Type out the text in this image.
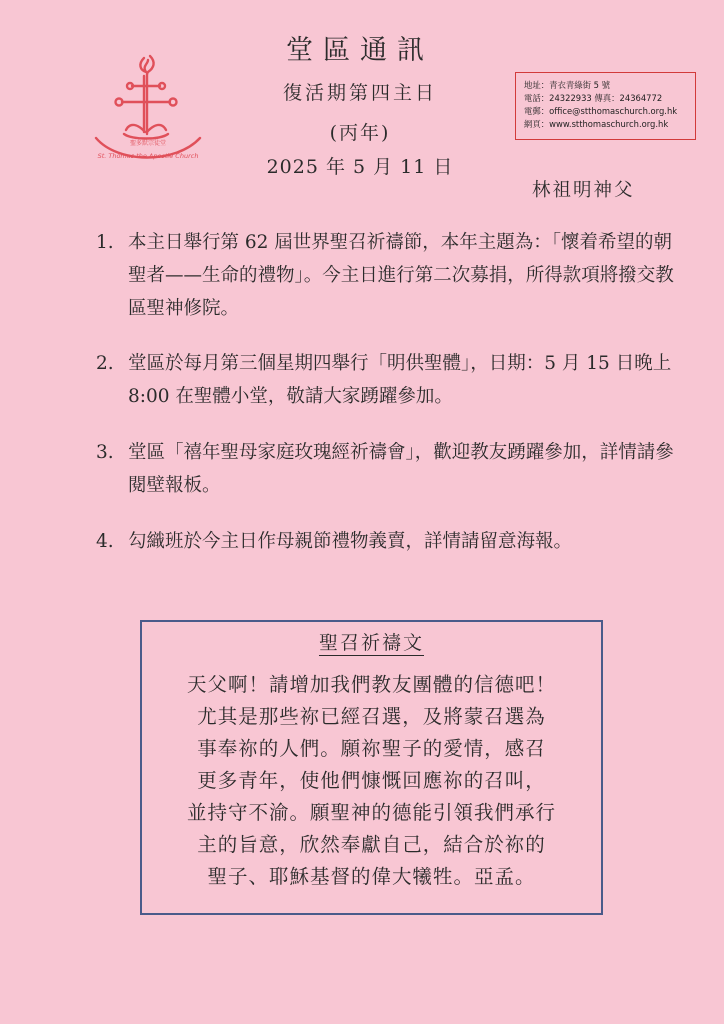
聖多默宗徒堂
St. Thomas the Apostle Church
堂區通訊
復活期第四主日
(丙年)
2025 年 5 月 11 日
地址：青衣青綠街 5 號
電話：24322933 傳真：24364772
電郵：office@stthomaschurch.org.hk
網頁：www.stthomaschurch.org.hk
林祖明神父
1. 本主日舉行第 62 屆世界聖召祈禱節，本年主題為：「懷着希望的朝聖者——生命的禮物」。今主日進行第二次募捐，所得款項將撥交教區聖神修院。
2. 堂區於每月第三個星期四舉行「明供聖體」，日期：5 月 15 日晚上 8:00 在聖體小堂，敬請大家踴躍參加。
3. 堂區「禧年聖母家庭玫瑰經祈禱會」，歡迎教友踴躍參加，詳情請參閱壁報板。
4. 勾織班於今主日作母親節禮物義賣，詳情請留意海報。
聖召祈禱文
天父啊！請增加我們教友團體的信德吧！
尤其是那些祢已經召選，及將蒙召選為
事奉祢的人們。願祢聖子的愛情，感召
更多青年，使他們慷慨回應祢的召叫，
並持守不渝。願聖神的德能引領我們承行
主的旨意，欣然奉獻自己，結合於祢的
聖子、耶穌基督的偉大犧牲。亞孟。
